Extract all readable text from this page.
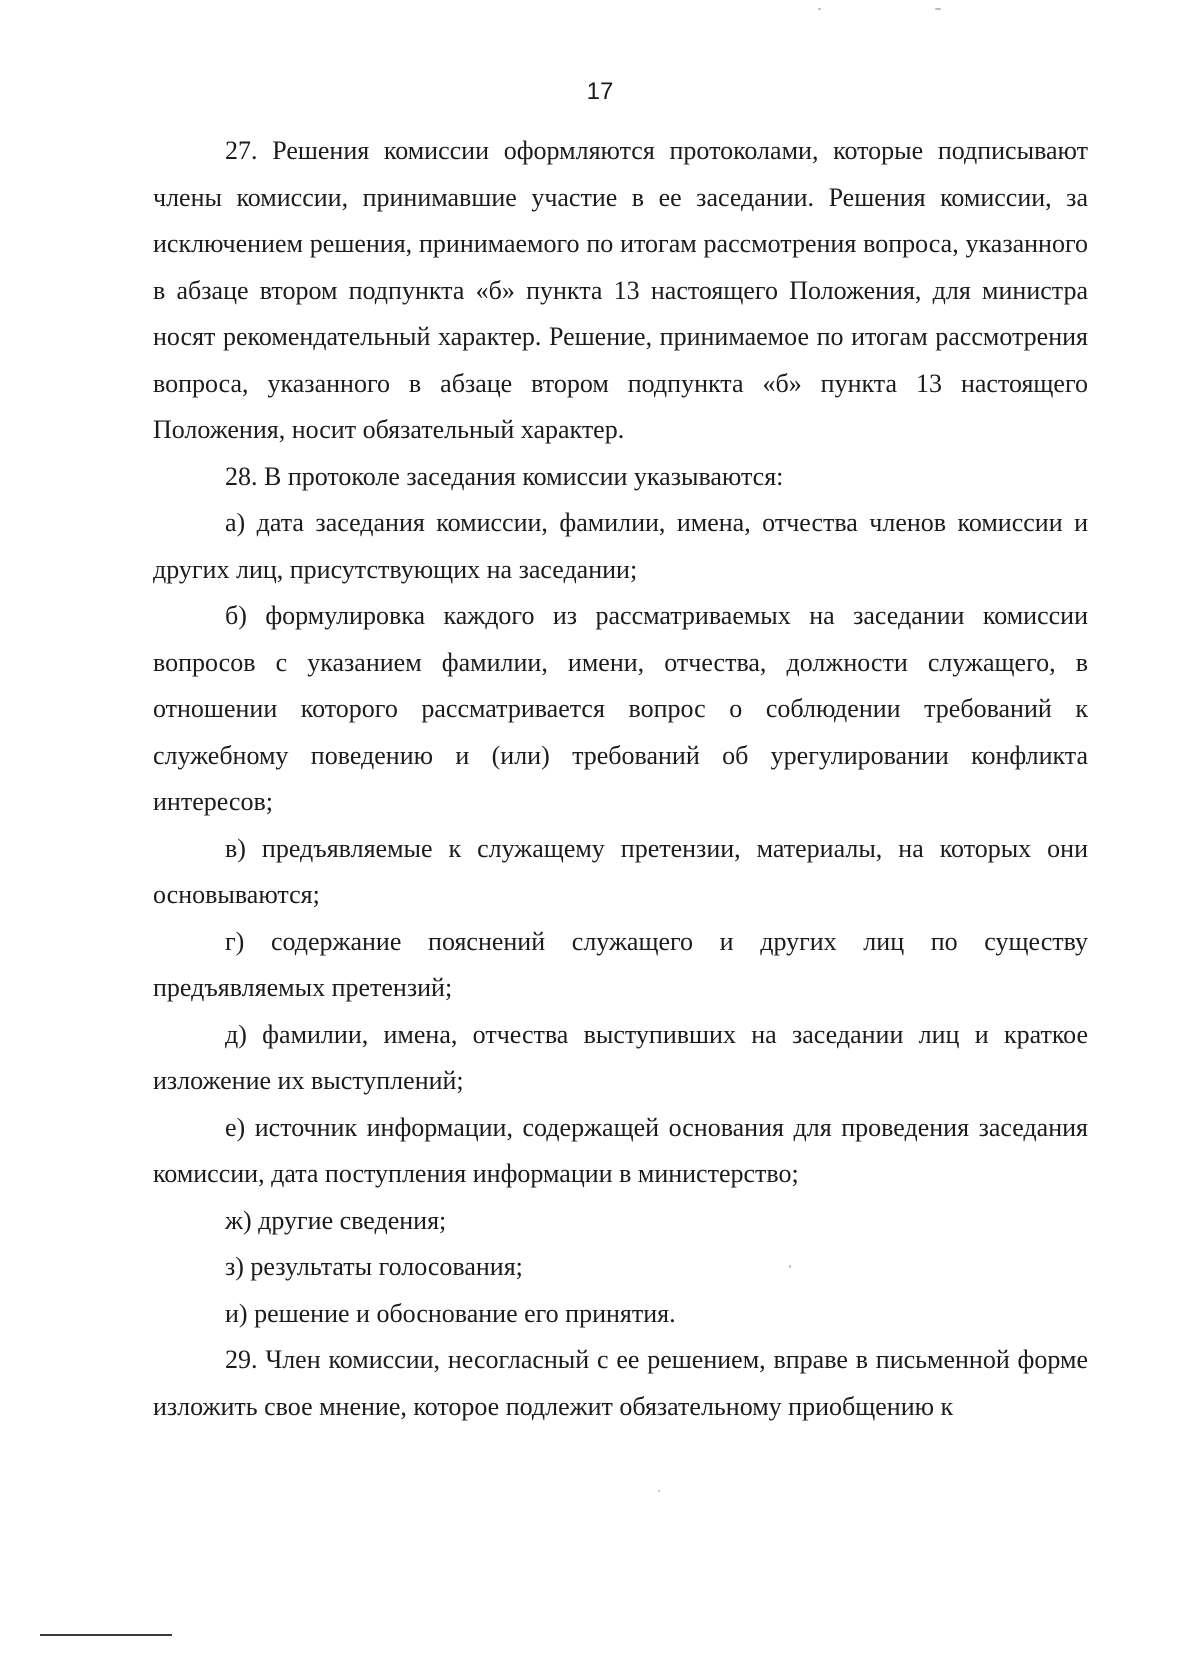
17

27. Решения комиссии оформляются протоколами, которые подписывают члены комиссии, принимавшие участие в ее заседании. Решения комиссии, за исключением решения, принимаемого по итогам рассмотрения вопроса, указанного в абзаце втором подпункта «б» пункта 13 настоящего Положения, для министра носят рекомендательный характер. Решение, принимаемое по итогам рассмотрения вопроса, указанного в абзаце втором подпункта «б» пункта 13 настоящего Положения, носит обязательный характер.

28. В протоколе заседания комиссии указываются:

а) дата заседания комиссии, фамилии, имена, отчества членов комиссии и других лиц, присутствующих на заседании;

б) формулировка каждого из рассматриваемых на заседании комиссии вопросов с указанием фамилии, имени, отчества, должности служащего, в отношении которого рассматривается вопрос о соблюдении требований к служебному поведению и (или) требований об урегулировании конфликта интересов;

в) предъявляемые к служащему претензии, материалы, на которых они основываются;

г) содержание пояснений служащего и других лиц по существу предъявляемых претензий;

д) фамилии, имена, отчества выступивших на заседании лиц и краткое изложение их выступлений;

е) источник информации, содержащей основания для проведения заседания комиссии, дата поступления информации в министерство;

ж) другие сведения;

з) результаты голосования;

и) решение и обоснование его принятия.

29. Член комиссии, несогласный с ее решением, вправе в письменной форме изложить свое мнение, которое подлежит обязательному приобщению к
